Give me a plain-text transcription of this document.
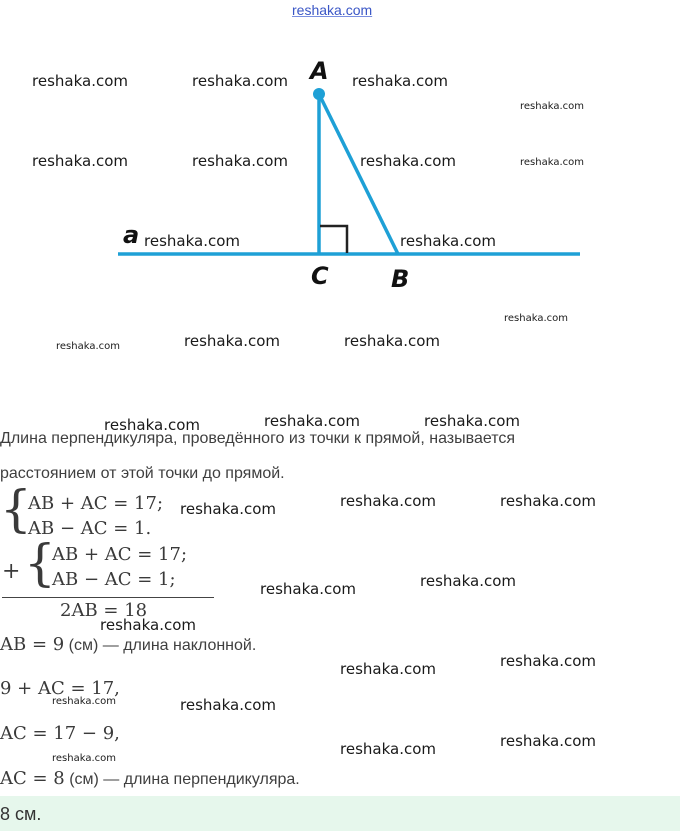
reshaka.com
A
a
C	B
reshaka.com	reshaka.com	reshaka.com
reshaka.com
reshaka.com	reshaka.com	reshaka.com	reshaka.com
reshaka.com	reshaka.com
reshaka.com
reshaka.com	reshaka.com	reshaka.com
reshaka.com	reshaka.com	reshaka.com
Длина перпендикуляра, проведённого из точки к прямой, называется
расстоянием от этой точки до прямой.
{
AB + AC = 17;
AB − AC = 1.
reshaka.com	reshaka.com	reshaka.com
+ {
AB + AC = 17;
AB − AC = 1;
2AB = 18
reshaka.com	reshaka.com
reshaka.com
AB = 9 (см) — длина наклонной.
reshaka.com	reshaka.com
reshaka.com
9 + AC = 17,
reshaka.com
AC = 17 − 9,
reshaka.com	reshaka.com
reshaka.com
AC = 8 (см) — длина перпендикуляра.
8 см.
